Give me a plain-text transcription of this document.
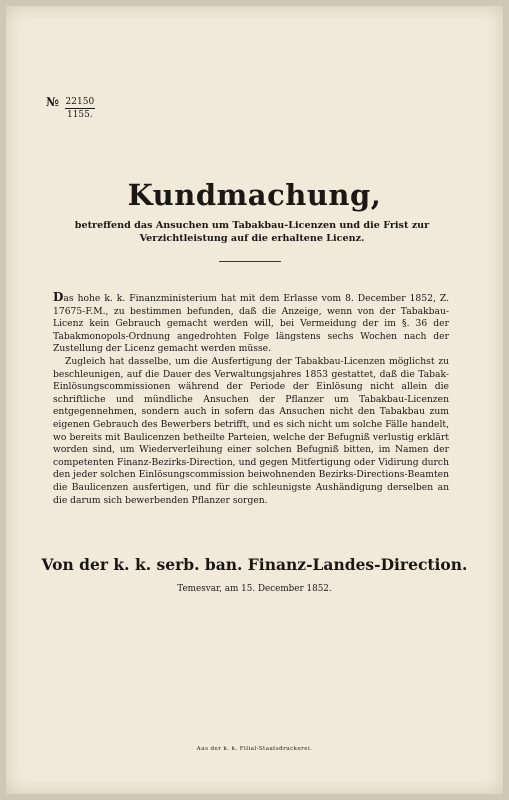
№ $\frac{22150}{1155.}$
Kundmachung,
betreffend das Ansuchen um Tabakbau-Licenzen und die Frist zur Verzichtleistung auf die erhaltene Licenz.

Das hohe k. k. Finanzministerium hat mit dem Erlasse vom 8. December 1852, Z. 17675-F.M., zu bestimmen befunden, daß die Anzeige, wenn von der Tabakbau-Licenz kein Gebrauch gemacht werden will, bei Vermeidung der im §. 36 der Tabakmonopols-Ordnung angedrohten Folge längstens sechs Wochen nach der Zustellung der Licenz gemacht werden müsse.

Zugleich hat dasselbe, um die Ausfertigung der Tabakbau-Licenzen möglichst zu beschleunigen, auf die Dauer des Verwaltungsjahres 1853 gestattet, daß die Tabak-Einlösungscommissionen während der Periode der Einlösung nicht allein die schriftliche und mündliche Ansuchen der Pflanzer um Tabakbau-Licenzen entgegennehmen, sondern auch in sofern das Ansuchen nicht den Tabakbau zum eigenen Gebrauch des Bewerbers betrifft, und es sich nicht um solche Fälle handelt, wo bereits mit Baulicenzen betheilte Parteien, welche der Befugniß verlustig erklärt worden sind, um Wiederverleihung einer solchen Befugniß bitten, im Namen der competenten Finanz-Bezirks-Direction, und gegen Mitfertigung oder Vidirung durch den jeder solchen Einlösungscommission beiwohnenden Bezirks-Directions-Beamten die Baulicenzen ausfertigen, und für die schleunigste Aushändigung derselben an die darum sich bewerbenden Pflanzer sorgen.

Von der k. k. serb. ban. Finanz-Landes-Direction.
Temesvar, am 15. December 1852.
Aus der k. k. Filial-Staatsdruckerei.
